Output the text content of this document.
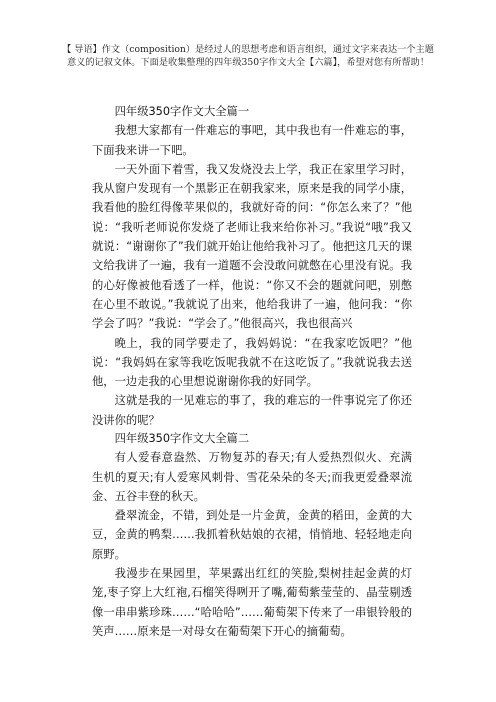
【 导语】作文（composition）是经过人的思想考虑和语言组织，通过文字来表达一个主题意义的记叙文体。下面是收集整理的四年级350字作文大全【六篇】，希望对您有所帮助！
四年级350字作文大全篇一

我想大家都有一件难忘的事吧，其中我也有一件难忘的事，下面我来讲一下吧。

一天外面下着雪，我又发烧没去上学，我正在家里学习时，我从窗户发现有一个黑影正在朝我家来，原来是我的同学小康，我看他的脸红得像苹果似的，我就好奇的问：“你怎么来了？”他说：“我听老师说你发烧了老师让我来给你补习。”我说“哦”我又就说：“谢谢你了”我们就开始让他给我补习了。他把这几天的课文给我讲了一遍，我有一道题不会没敢问就憋在心里没有说。我的心好像被他看透了一样，他说：“你又不会的题就问吧，别憋在心里不敢说。”我就说了出来，他给我讲了一遍，他问我：“你学会了吗？”我说：“学会了。”他很高兴，我也很高兴

晚上，我的同学要走了，我妈妈说：“在我家吃饭吧？”他说：“我妈妈在家等我吃饭呢我就不在这吃饭了。”我就说我去送他，一边走我的心里想说谢谢你我的好同学。

这就是我的一见难忘的事了，我的难忘的一件事说完了你还没讲你的呢？

四年级350字作文大全篇二

有人爱春意盎然、万物复苏的春天;有人爱热烈似火、充满生机的夏天;有人爱寒风刺骨、雪花朵朵的冬天;而我更爱叠翠流金、五谷丰登的秋天。

叠翠流金，不错，到处是一片金黄，金黄的稻田，金黄的大豆，金黄的鸭梨……我抓着秋姑娘的衣裙，悄悄地、轻轻地走向原野。

我漫步在果园里，苹果露出红红的笑脸,梨树挂起金黄的灯笼,枣子穿上大红袍,石榴笑得咧开了嘴,葡萄紫莹莹的、晶莹剔透像一串串紫珍珠……“哈哈哈”……葡萄架下传来了一串银铃般的笑声……原来是一对母女在葡萄架下开心的摘葡萄。
